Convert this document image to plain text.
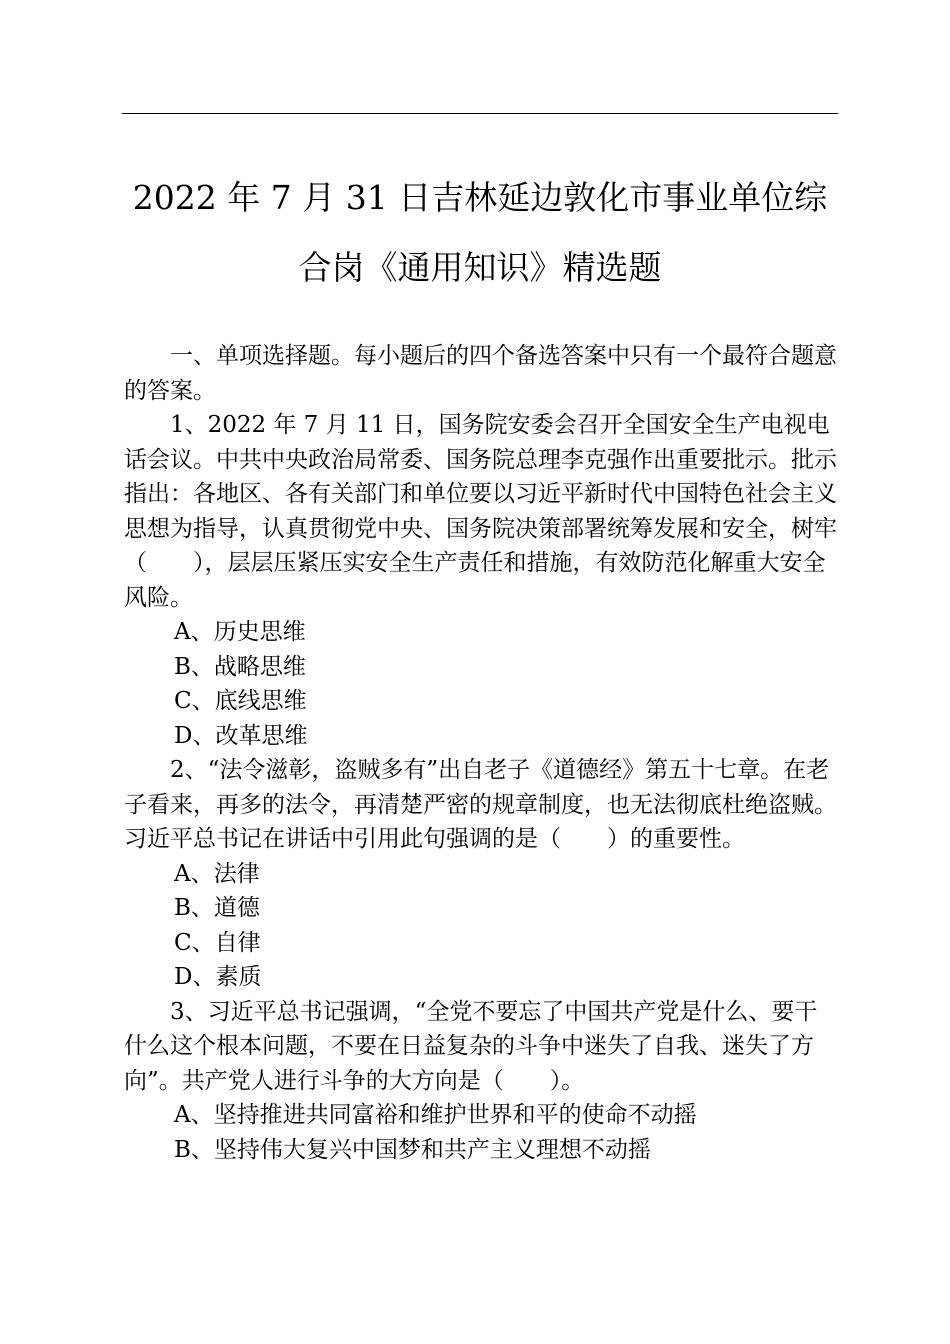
2022 年 7 月 31 日吉林延边敦化市事业单位综
合岗《通用知识》精选题

一、单项选择题。每小题后的四个备选答案中只有一个最符合题意的答案。

1、2022 年 7 月 11 日，国务院安委会召开全国安全生产电视电话会议。中共中央政治局常委、国务院总理李克强作出重要批示。批示指出：各地区、各有关部门和单位要以习近平新时代中国特色社会主义思想为指导，认真贯彻党中央、国务院决策部署统筹发展和安全，树牢（　　），层层压紧压实安全生产责任和措施，有效防范化解重大安全风险。

A、历史思维

B、战略思维

C、底线思维

D、改革思维

2、“法令滋彰，盗贼多有”出自老子《道德经》第五十七章。在老子看来，再多的法令，再清楚严密的规章制度，也无法彻底杜绝盗贼。习近平总书记在讲话中引用此句强调的是（　　）的重要性。

A、法律

B、道德

C、自律

D、素质

3、习近平总书记强调，“全党不要忘了中国共产党是什么、要干什么这个根本问题，不要在日益复杂的斗争中迷失了自我、迷失了方向”。共产党人进行斗争的大方向是（　　）。

A、坚持推进共同富裕和维护世界和平的使命不动摇

B、坚持伟大复兴中国梦和共产主义理想不动摇
